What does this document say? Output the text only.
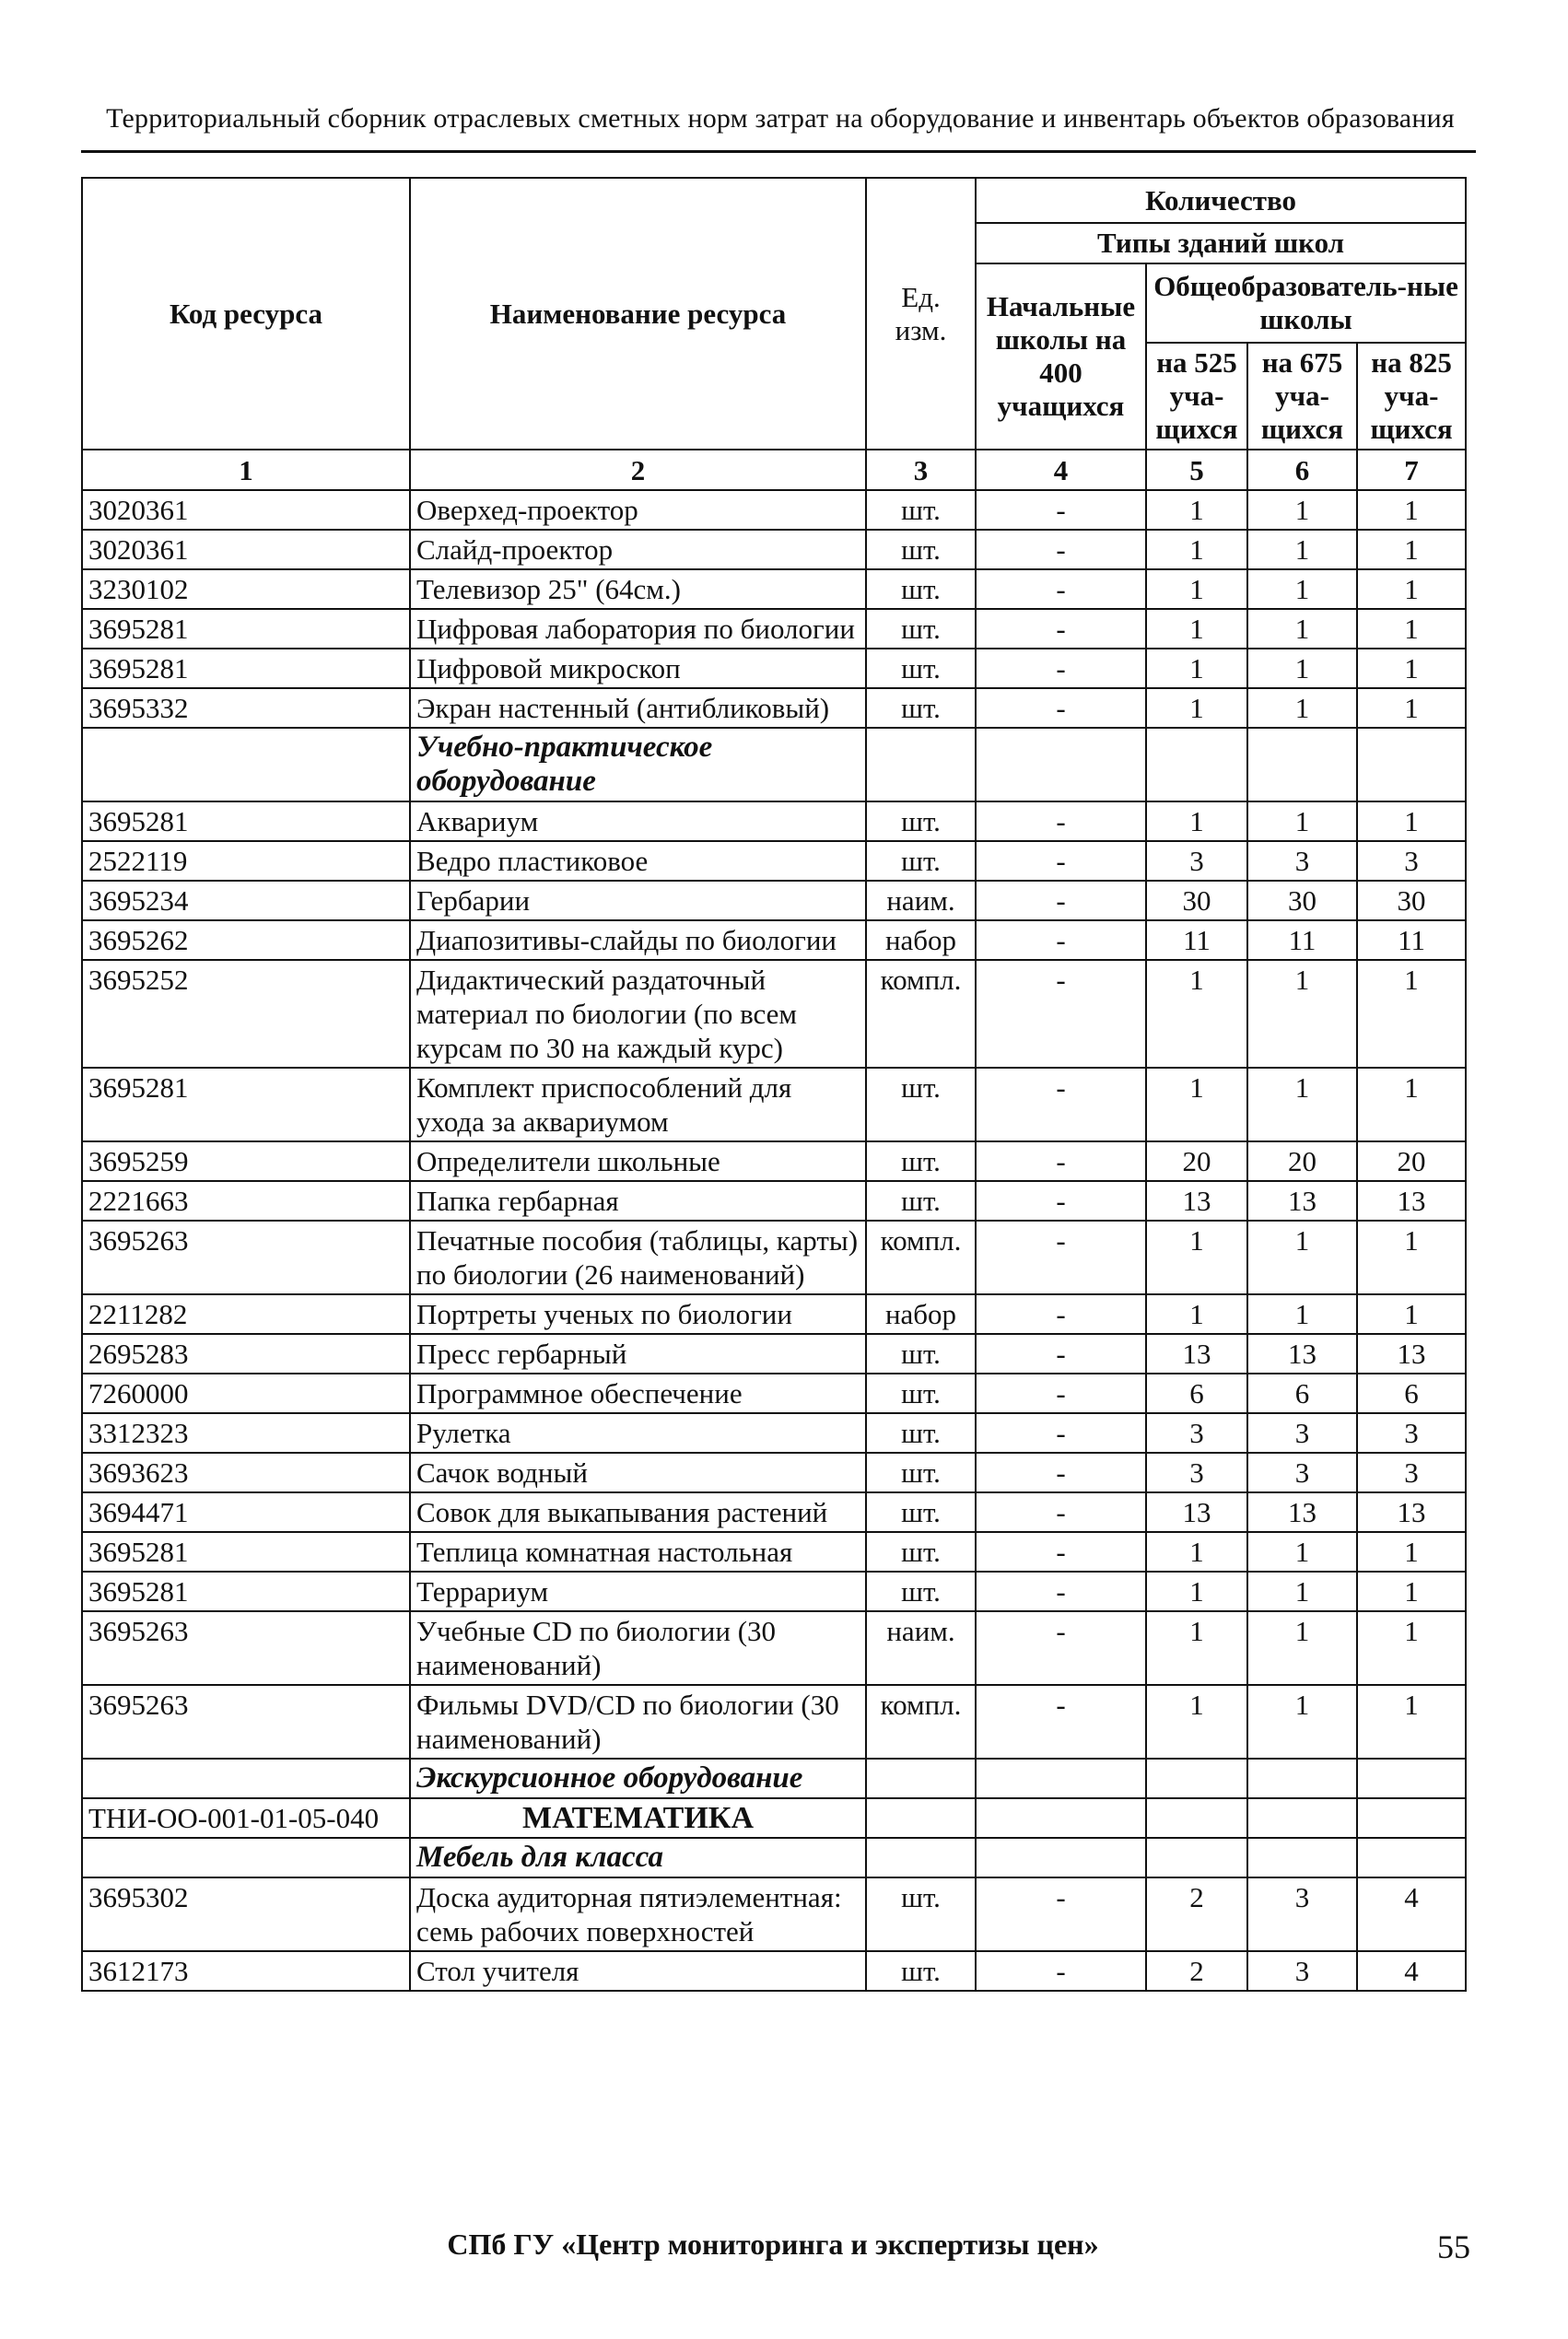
Территориальный сборник отраслевых сметных норм затрат на оборудование и инвентарь объектов образования
Код ресурса	Наименование ресурса	Ед. изм.	Количество			
			Типы зданий школ			
			Начальные школы на 400 учащихся	Общеобразователь-ные школы		
				на 525 уча-щихся	на 675 уча-щихся	на 825 уча-щихся
1	2	3	4	5	6	7
3020361	Оверхед-проектор	шт.	-	1	1	1
3020361	Слайд-проектор	шт.	-	1	1	1
3230102	Телевизор 25" (64см.)	шт.	-	1	1	1
3695281	Цифровая лаборатория по биологии	шт.	-	1	1	1
3695281	Цифровой микроскоп	шт.	-	1	1	1
3695332	Экран настенный (антибликовый)	шт.	-	1	1	1
	Учебно-практическое оборудование					
3695281	Аквариум	шт.	-	1	1	1
2522119	Ведро пластиковое	шт.	-	3	3	3
3695234	Гербарии	наим.	-	30	30	30
3695262	Диапозитивы-слайды по биологии	набор	-	11	11	11
3695252	Дидактический раздаточный материал по биологии (по всем курсам по 30 на каждый курс)	компл.	-	1	1	1
3695281	Комплект приспособлений для ухода за аквариумом	шт.	-	1	1	1
3695259	Определители школьные	шт.	-	20	20	20
2221663	Папка гербарная	шт.	-	13	13	13
3695263	Печатные пособия (таблицы, карты) по биологии (26 наименований)	компл.	-	1	1	1
2211282	Портреты ученых по биологии	набор	-	1	1	1
2695283	Пресс гербарный	шт.	-	13	13	13
7260000	Программное обеспечение	шт.	-	6	6	6
3312323	Рулетка	шт.	-	3	3	3
3693623	Сачок водный	шт.	-	3	3	3
3694471	Совок для выкапывания растений	шт.	-	13	13	13
3695281	Теплица комнатная настольная	шт.	-	1	1	1
3695281	Террариум	шт.	-	1	1	1
3695263	Учебные CD по биологии (30 наименований)	наим.	-	1	1	1
3695263	Фильмы DVD/CD по биологии (30 наименований)	компл.	-	1	1	1
	Экскурсионное оборудование					
ТНИ-ОО-001-01-05-040	МАТЕМАТИКА					
	Мебель для класса					
3695302	Доска аудиторная пятиэлементная: семь рабочих поверхностей	шт.	-	2	3	4
3612173	Стол учителя	шт.	-	2	3	4
СПб ГУ «Центр мониторинга и экспертизы цен»	55
